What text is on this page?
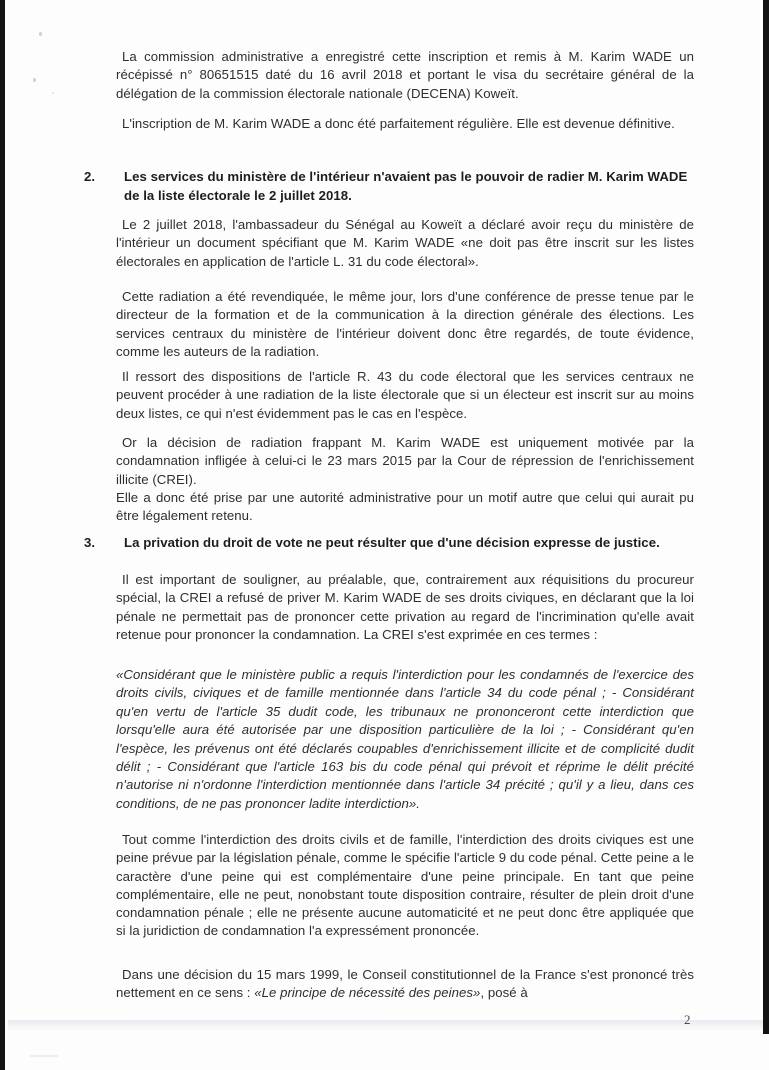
La commission administrative a enregistré cette inscription et remis à M. Karim WADE un récépissé n° 80651515 daté du 16 avril 2018 et portant le visa du secrétaire général de la délégation de la commission électorale nationale (DECENA) Koweït.

L'inscription de M. Karim WADE a donc été parfaitement régulière. Elle est devenue définitive.

2.	Les services du ministère de l'intérieur n'avaient pas le pouvoir de radier M. Karim WADE de la liste électorale le 2 juillet 2018.

Le 2 juillet 2018, l'ambassadeur du Sénégal au Koweït a déclaré avoir reçu du ministère de l'intérieur un document spécifiant que M. Karim WADE «ne doit pas être inscrit sur les listes électorales en application de l'article L. 31 du code électoral».

Cette radiation a été revendiquée, le même jour, lors d'une conférence de presse tenue par le directeur de la formation et de la communication à la direction générale des élections. Les services centraux du ministère de l'intérieur doivent donc être regardés, de toute évidence, comme les auteurs de la radiation.

Il ressort des dispositions de l'article R. 43 du code électoral que les services centraux ne peuvent procéder à une radiation de la liste électorale que si un électeur est inscrit sur au moins deux listes, ce qui n'est évidemment pas le cas en l'espèce.

Or la décision de radiation frappant M. Karim WADE est uniquement motivée par la condamnation infligée à celui-ci le 23 mars 2015 par la Cour de répression de l'enrichissement illicite (CREI).

Elle a donc été prise par une autorité administrative pour un motif autre que celui qui aurait pu être légalement retenu.

3.	La privation du droit de vote ne peut résulter que d'une décision expresse de justice.

Il est important de souligner, au préalable, que, contrairement aux réquisitions du procureur spécial, la CREI a refusé de priver M. Karim WADE de ses droits civiques, en déclarant que la loi pénale ne permettait pas de prononcer cette privation au regard de l'incrimination qu'elle avait retenue pour prononcer la condamnation. La CREI s'est exprimée en ces termes :

«Considérant que le ministère public a requis l'interdiction pour les condamnés de l'exercice des droits civils, civiques et de famille mentionnée dans l'article 34 du code pénal ; - Considérant qu'en vertu de l'article 35 dudit code, les tribunaux ne prononceront cette interdiction que lorsqu'elle aura été autorisée par une disposition particulière de la loi ; - Considérant qu'en l'espèce, les prévenus ont été déclarés coupables d'enrichissement illicite et de complicité dudit délit ; - Considérant que l'article 163 bis du code pénal qui prévoit et réprime le délit précité n'autorise ni n'ordonne l'interdiction mentionnée dans l'article 34 précité ; qu'il y a lieu, dans ces conditions, de ne pas prononcer ladite interdiction».

Tout comme l'interdiction des droits civils et de famille, l'interdiction des droits civiques est une peine prévue par la législation pénale, comme le spécifie l'article 9 du code pénal. Cette peine a le caractère d'une peine qui est complémentaire d'une peine principale. En tant que peine complémentaire, elle ne peut, nonobstant toute disposition contraire, résulter de plein droit d'une condamnation pénale ; elle ne présente aucune automaticité et ne peut donc être appliquée que si la juridiction de condamnation l'a expressément prononcée.

Dans une décision du 15 mars 1999, le Conseil constitutionnel de la France s'est prononcé très nettement en ce sens : «Le principe de nécessité des peines», posé à

2
